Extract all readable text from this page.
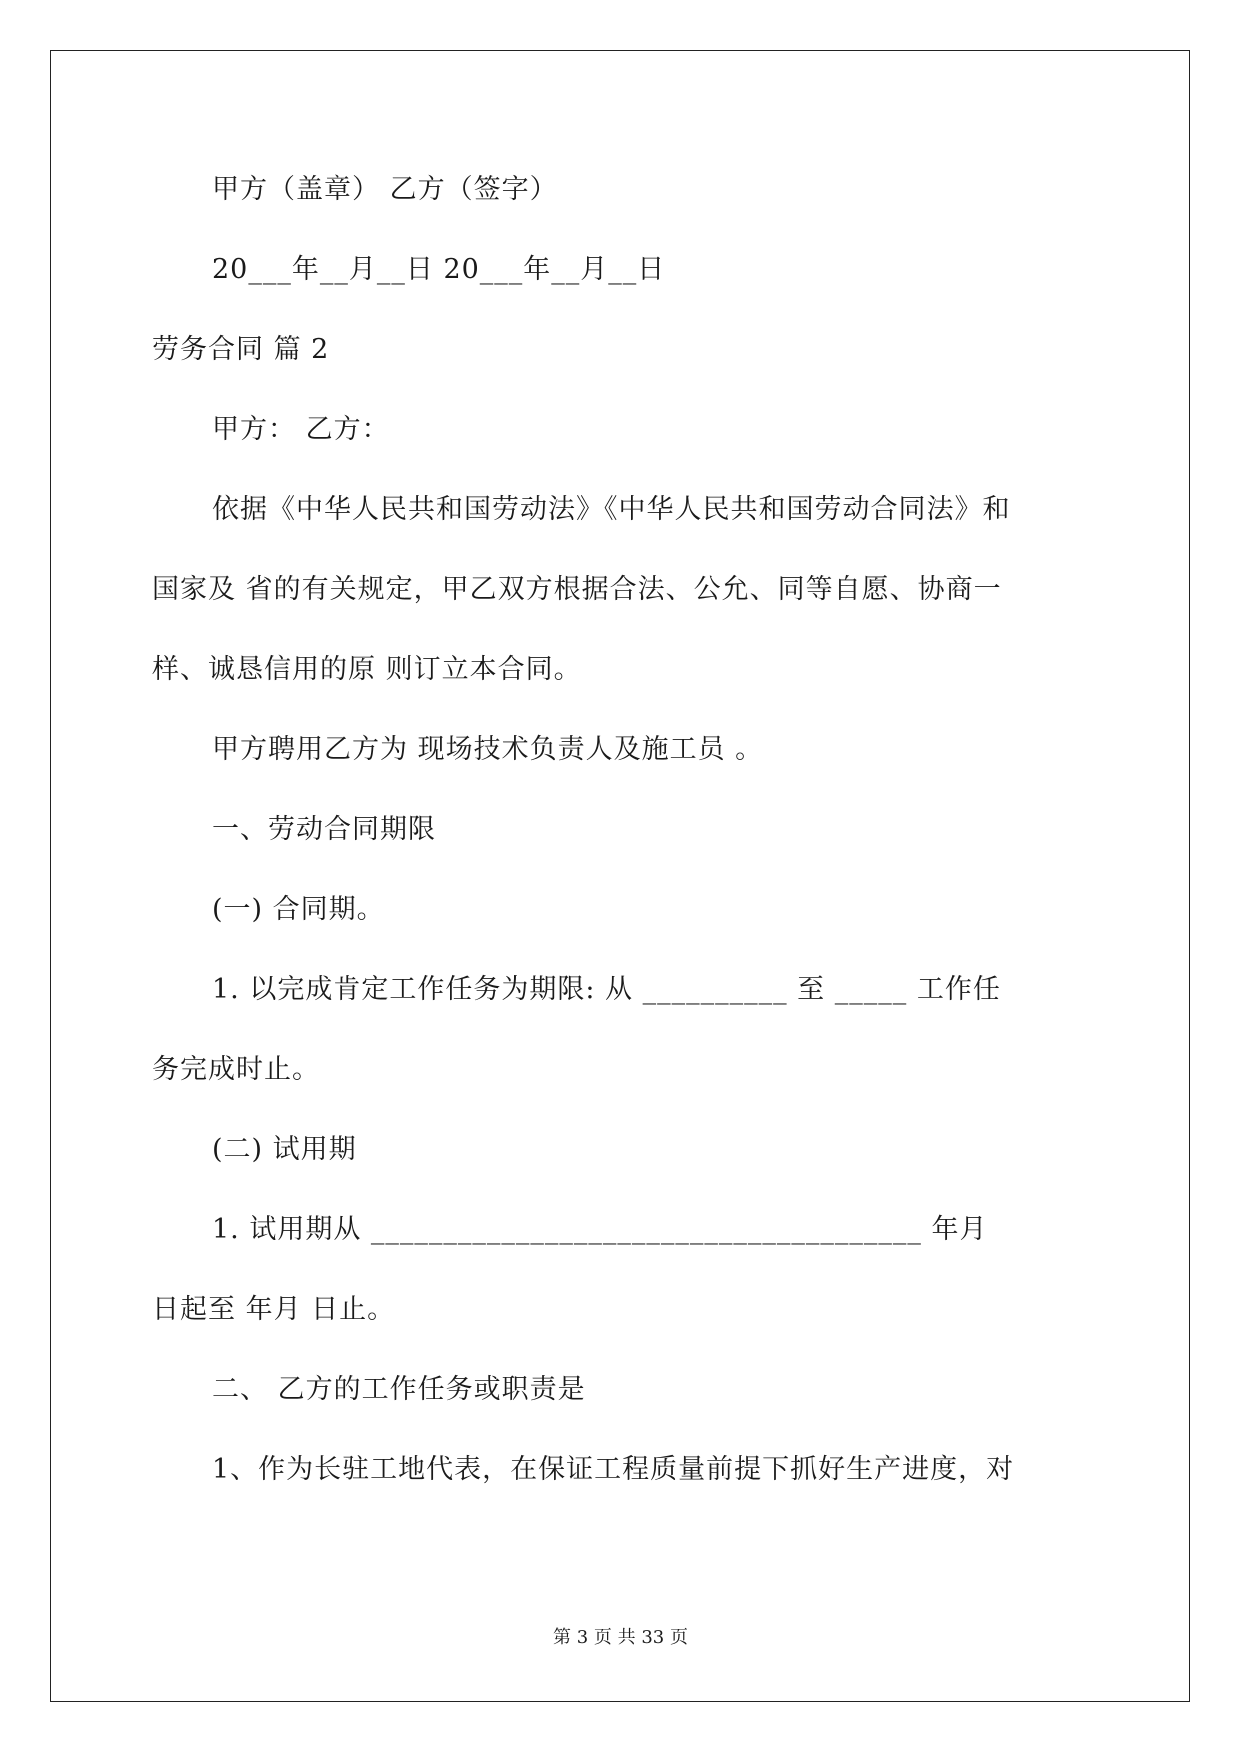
甲方（盖章） 乙方（签字）
20___年__月__日 20___年__月__日
劳务合同 篇 2
甲方： 乙方：
依据《中华人民共和国劳动法》《中华人民共和国劳动合同法》和
国家及 省的有关规定，甲乙双方根据合法、公允、同等自愿、协商一
样、诚恳信用的原 则订立本合同。
甲方聘用乙方为 现场技术负责人及施工员 。
一、劳动合同期限
(一) 合同期。
1. 以完成肯定工作任务为期限: 从 __________ 至 _____ 工作任
务完成时止。
(二) 试用期
1. 试用期从 ______________________________________ 年月
日起至 年月 日止。
二、 乙方的工作任务或职责是
1、作为长驻工地代表，在保证工程质量前提下抓好生产进度，对
第 3 页 共 33 页
